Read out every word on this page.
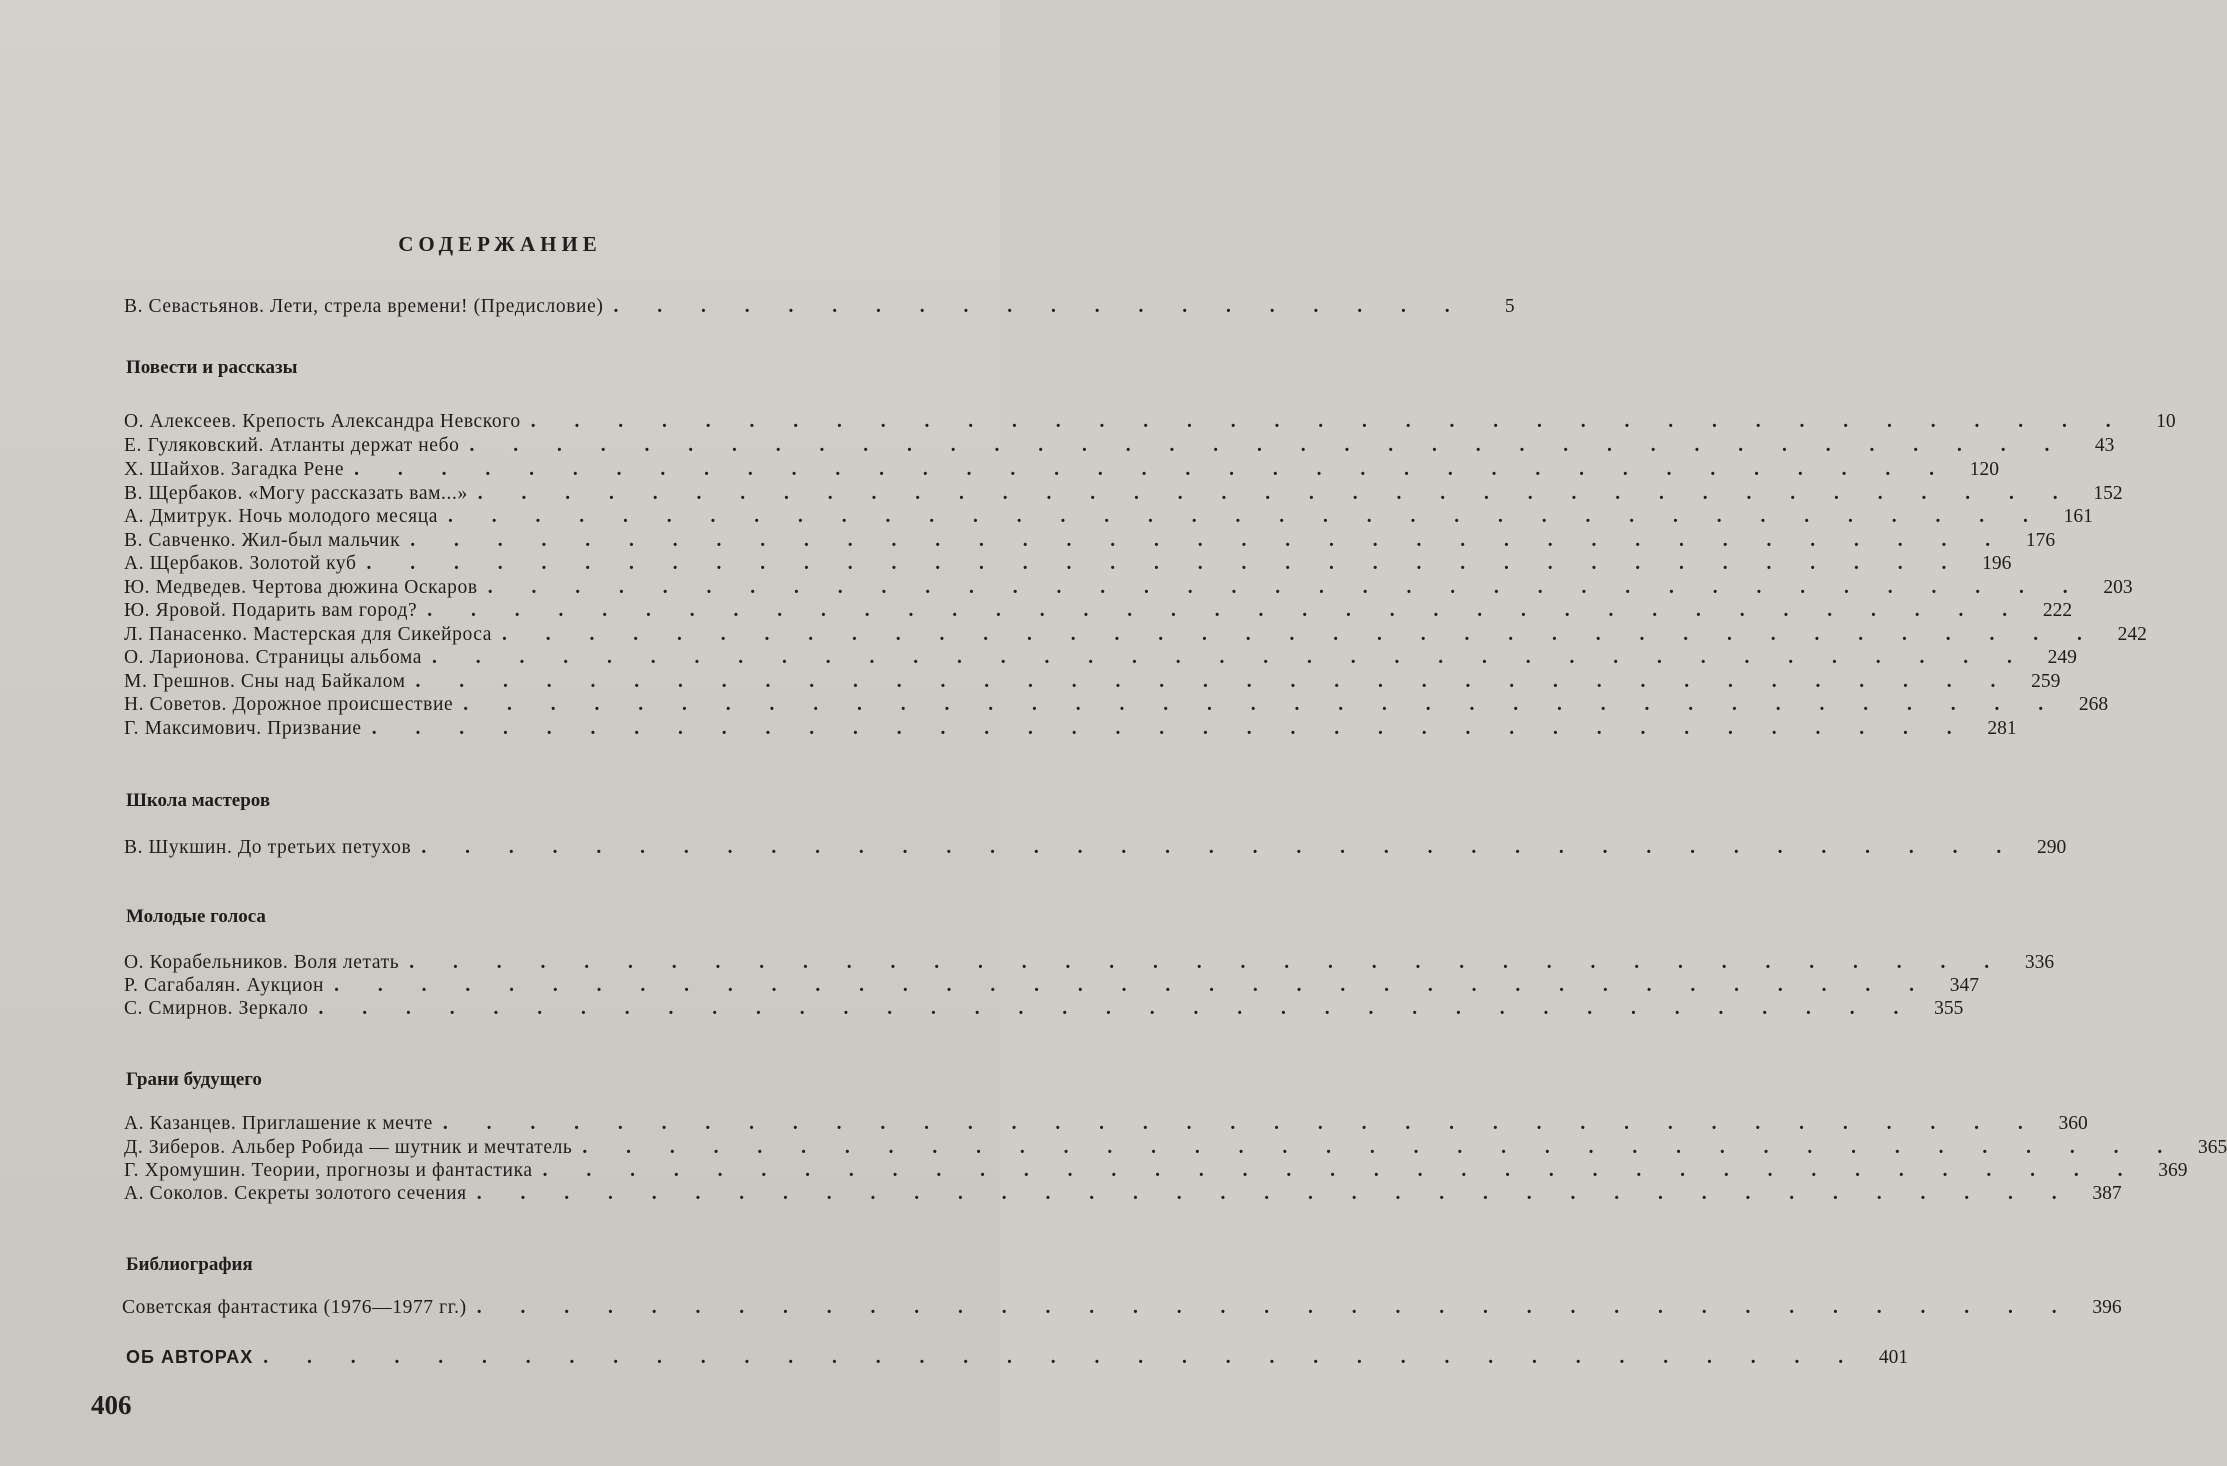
СОДЕРЖАНИЕ
В. Севастьянов. Лети, стрела времени! (Предисловие) . . . . . . . . . . . . . . . . . . . .	5
Повести и рассказы
О. Алексеев. Крепость Александра Невского . . . . . . . . . . . . . . . . . . . . . . . . . . . . . . . . . . . . .	10
Е. Гуляковский. Атланты держат небо . . . . . . . . . . . . . . . . . . . . . . . . . . . . . . . . . . . . .	43
Х. Шайхов. Загадка Рене . . . . . . . . . . . . . . . . . . . . . . . . . . . . . . . . . . . . . 120
В. Щербаков. «Могу рассказать вам...» . . . . . . . . . . . . . . . . . . . . . . . . . . . . . . . . . . . . . 152
А. Дмитрук. Ночь молодого месяца . . . . . . . . . . . . . . . . . . . . . . . . . . . . . . . . . . . . . 161
В. Савченко. Жил-был мальчик . . . . . . . . . . . . . . . . . . . . . . . . . . . . . . . . . . . . . 176
А. Щербаков. Золотой куб . . . . . . . . . . . . . . . . . . . . . . . . . . . . . . . . . . . . . 196
Ю. Медведев. Чертова дюжина Оскаров . . . . . . . . . . . . . . . . . . . . . . . . . . . . . . . . . . . . . 203
Ю. Яровой. Подарить вам город? . . . . . . . . . . . . . . . . . . . . . . . . . . . . . . . . . . . . . 222
Л. Панасенко. Мастерская для Сикейроса . . . . . . . . . . . . . . . . . . . . . . . . . . . . . . . . . . . . . 242
О. Ларионова. Страницы альбома . . . . . . . . . . . . . . . . . . . . . . . . . . . . . . . . . . . . . 249
М. Грешнов. Сны над Байкалом . . . . . . . . . . . . . . . . . . . . . . . . . . . . . . . . . . . . . 259
Н. Советов. Дорожное происшествие . . . . . . . . . . . . . . . . . . . . . . . . . . . . . . . . . . . . . 268
Г. Максимович. Призвание . . . . . . . . . . . . . . . . . . . . . . . . . . . . . . . . . . . . . 281
Школа мастеров
В. Шукшин. До третьих петухов . . . . . . . . . . . . . . . . . . . . . . . . . . . . . . . . . . . . . 290
Молодые голоса
О. Корабельников. Воля летать . . . . . . . . . . . . . . . . . . . . . . . . . . . . . . . . . . . . . 336
Р. Сагабалян. Аукцион . . . . . . . . . . . . . . . . . . . . . . . . . . . . . . . . . . . . . 347
С. Смирнов. Зеркало . . . . . . . . . . . . . . . . . . . . . . . . . . . . . . . . . . . . . 355
Грани будущего
А. Казанцев. Приглашение к мечте . . . . . . . . . . . . . . . . . . . . . . . . . . . . . . . . . . . . . 360
Д. Зиберов. Альбер Робида — шутник и мечтатель . . . . . . . . . . . . . . . . . . . . . . . . . . . . . . . . . . . . . 365
Г. Хромушин. Теории, прогнозы и фантастика . . . . . . . . . . . . . . . . . . . . . . . . . . . . . . . . . . . . . 369
А. Соколов. Секреты золотого сечения . . . . . . . . . . . . . . . . . . . . . . . . . . . . . . . . . . . . . 387
Библиография
Советская фантастика (1976—1977 гг.) . . . . . . . . . . . . . . . . . . . . . . . . . . . . . . . . . . . . . 396
ОБ АВТОРАХ . . . . . . . . . . . . . . . . . . . . . . . . . . . . . . . . . . . . . 401
406
